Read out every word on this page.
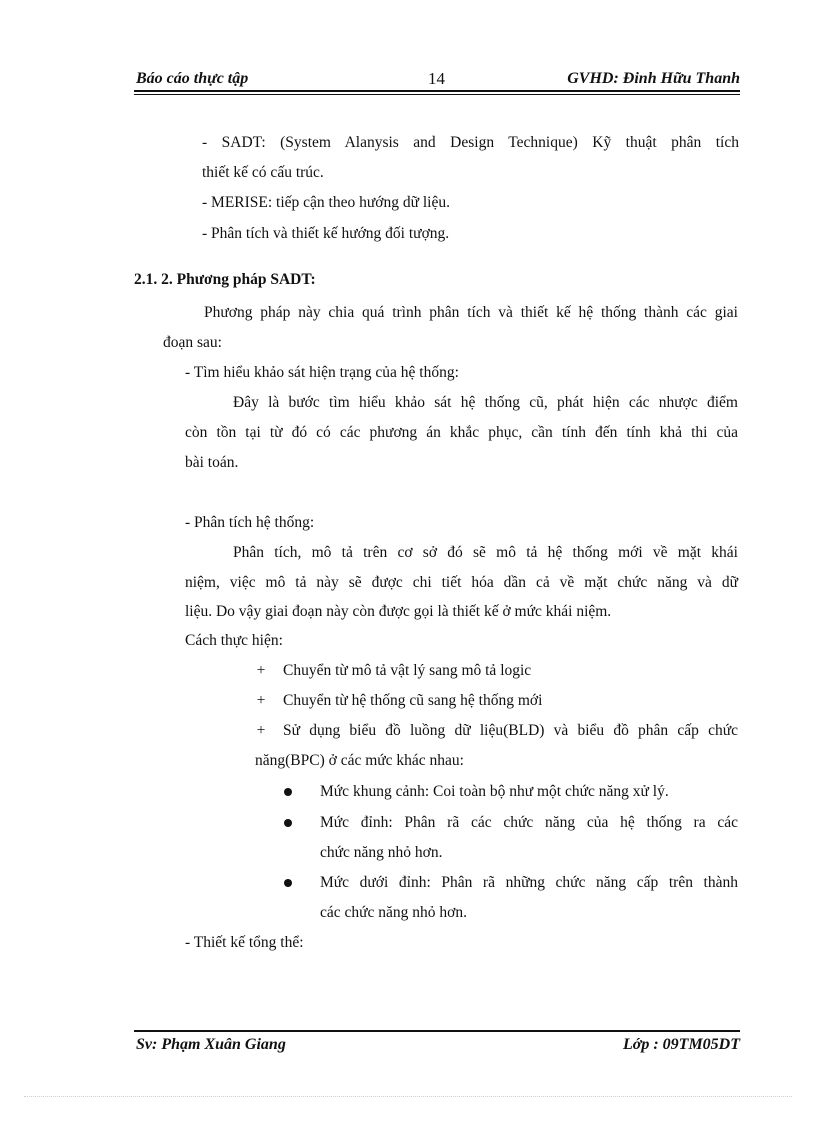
Báo cáo thực tập	14	GVHD: Đinh Hữu Thanh
- SADT: (System Alanysis and Design Technique) Kỹ thuật phân tích
thiết kế có cấu trúc.
- MERISE: tiếp cận theo hướng dữ liệu.
- Phân tích và thiết kế hướng đối tượng.
2.1. 2. Phương pháp SADT:
Phương pháp này chia quá trình phân tích và thiết kế hệ thống thành các giai
đoạn sau:
- Tìm hiểu khảo sát hiện trạng của hệ thống:
Đây là bước tìm hiểu khảo sát hệ thống cũ, phát hiện các nhược điểm
còn tồn tại từ đó có các phương án khắc phục, cần tính đến tính khả thi của
bài toán.
- Phân tích hệ thống:
Phân tích, mô tả trên cơ sở đó sẽ mô tả hệ thống mới về mặt khái
niệm, việc mô tả này sẽ được chi tiết hóa dần cả về mặt chức năng và dữ
liệu. Do vậy giai đoạn này còn được gọi là thiết kế ở mức khái niệm.
Cách thực hiện:
+ Chuyển từ mô tả vật lý sang mô tả logic
+ Chuyển từ hệ thống cũ sang hệ thống mới
+ Sử dụng biểu đồ luồng dữ liệu(BLD) và biểu đồ phân cấp chức
năng(BPC) ở các mức khác nhau:
Mức khung cảnh: Coi toàn bộ như một chức năng xử lý.
Mức đỉnh: Phân rã các chức năng của hệ thống ra các
chức năng nhỏ hơn.
Mức dưới đỉnh: Phân rã những chức năng cấp trên thành
các chức năng nhỏ hơn.
- Thiết kế tổng thể:
Sv: Phạm Xuân Giang	Lớp : 09TM05DT
